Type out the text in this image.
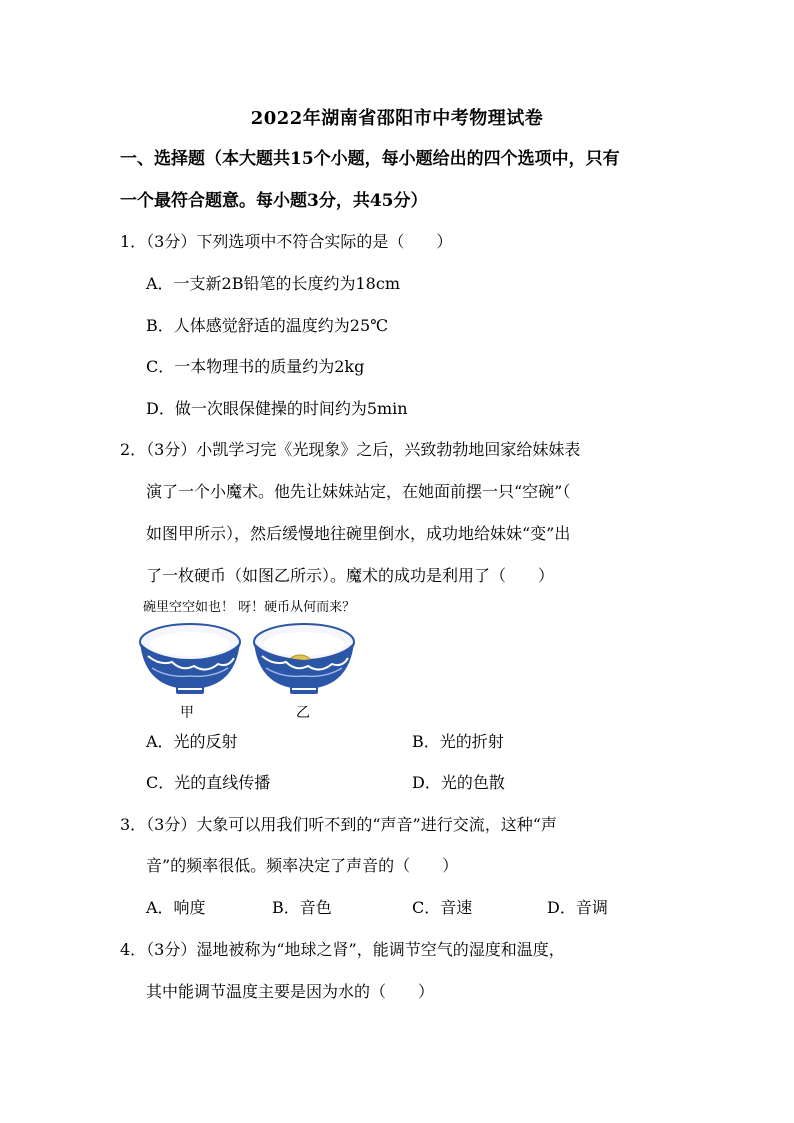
2022年湖南省邵阳市中考物理试卷
一、选择题（本大题共15个小题，每小题给出的四个选项中，只有
一个最符合题意。每小题3分，共45分）
1．（3分）下列选项中不符合实际的是（　　）
A．一支新2B铅笔的长度约为18cm
B．人体感觉舒适的温度约为25℃
C．一本物理书的质量约为2kg
D．做一次眼保健操的时间约为5min
2．（3分）小凯学习完《光现象》之后，兴致勃勃地回家给妹妹表
演了一个小魔术。他先让妹妹站定，在她面前摆一只“空碗”（
如图甲所示），然后缓慢地往碗里倒水，成功地给妹妹“变”出
了一枚硬币（如图乙所示）。魔术的成功是利用了（　　）
碗里空空如也！ 呀！硬币从何而来？
甲	乙
A．光的反射	B．光的折射
C．光的直线传播	D．光的色散
3．（3分）大象可以用我们听不到的“声音”进行交流，这种“声
音”的频率很低。频率决定了声音的（　　）
A．响度	B．音色	C．音速	D．音调
4．（3分）湿地被称为“地球之肾”，能调节空气的湿度和温度，
其中能调节温度主要是因为水的（　　）
